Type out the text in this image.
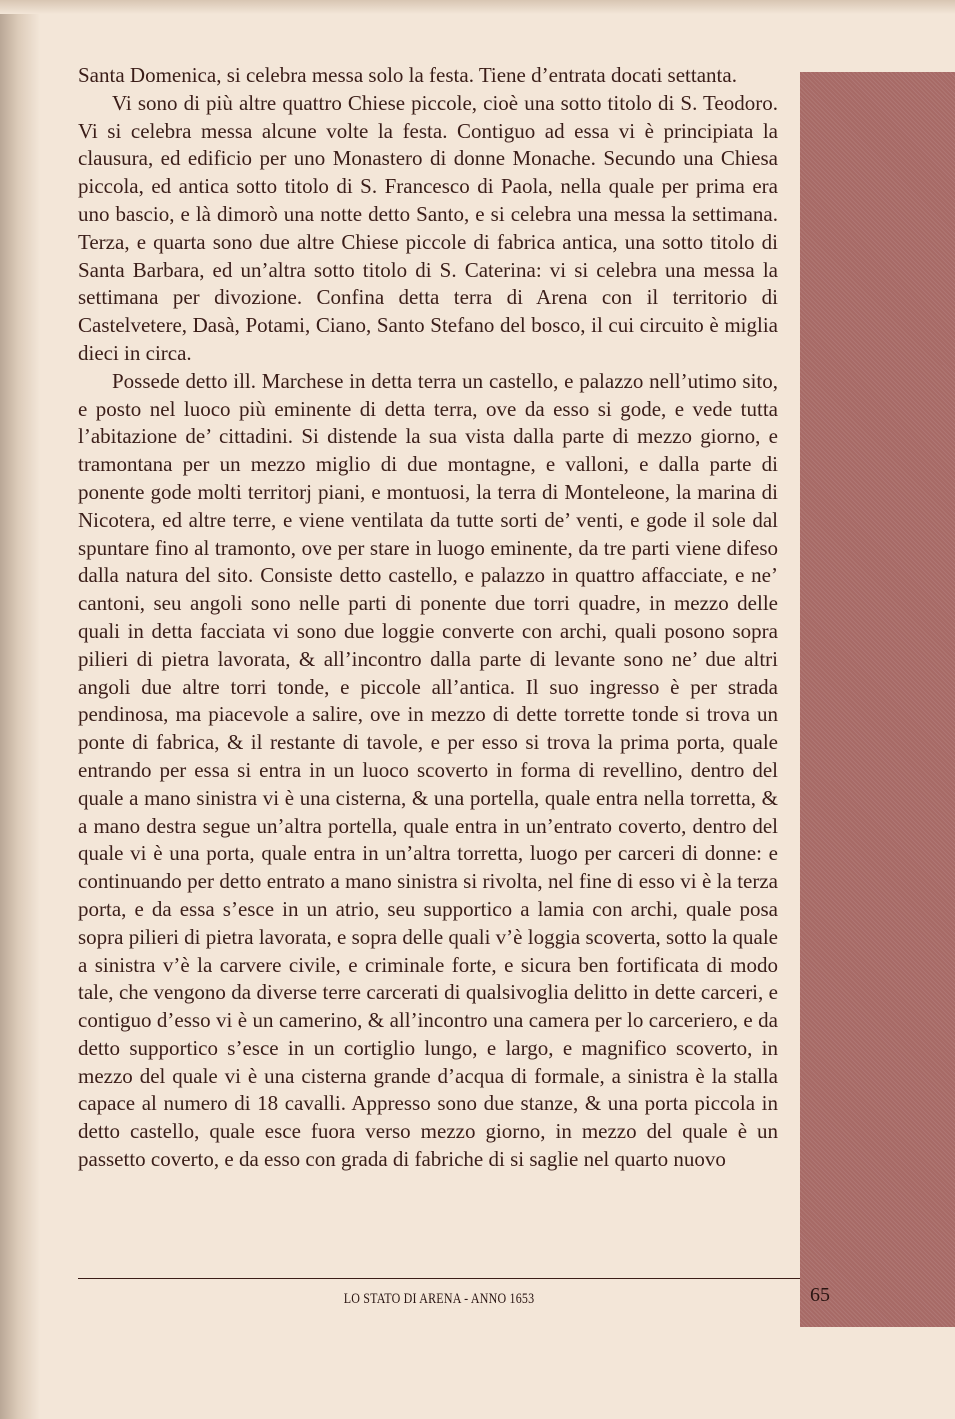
Santa Domenica, si celebra messa solo la festa. Tiene d’entrata docati settanta.

Vi sono di più altre quattro Chiese piccole, cioè una sotto titolo di S. Teodoro. Vi si celebra messa alcune volte la festa. Contiguo ad essa vi è principiata la clausura, ed edificio per uno Monastero di donne Monache. Secundo una Chiesa piccola, ed antica sotto titolo di S. Francesco di Paola, nella quale per prima era uno bascio, e là dimorò una notte detto Santo, e si celebra una messa la settimana. Terza, e quarta sono due altre Chiese piccole di fabrica antica, una sotto titolo di Santa Barbara, ed un’altra sotto titolo di S. Caterina: vi si celebra una messa la settimana per divozione. Confina detta terra di Arena con il territorio di Castelvetere, Dasà, Potami, Ciano, Santo Stefano del bosco, il cui circuito è miglia dieci in circa.

Possede detto ill. Marchese in detta terra un castello, e palazzo nell’utimo sito, e posto nel luoco più eminente di detta terra, ove da esso si gode, e vede tutta l’abitazione de’ cittadini. Si distende la sua vista dalla parte di mezzo giorno, e tramontana per un mezzo miglio di due montagne, e valloni, e dalla parte di ponente gode molti territorj piani, e montuosi, la terra di Monteleone, la marina di Nicotera, ed altre terre, e viene ventilata da tutte sorti de’ venti, e gode il sole dal spuntare fino al tramonto, ove per stare in luogo eminente, da tre parti viene difeso dalla natura del sito. Consiste detto castello, e palazzo in quattro affacciate, e ne’ cantoni, seu angoli sono nelle parti di ponente due torri quadre, in mezzo delle quali in detta facciata vi sono due loggie converte con archi, quali posono sopra pilieri di pietra lavorata, & all’incontro dalla parte di levante sono ne’ due altri angoli due altre torri tonde, e piccole all’antica. Il suo ingresso è per strada pendinosa, ma piacevole a salire, ove in mezzo di dette torrette tonde si trova un ponte di fabrica, & il restante di tavole, e per esso si trova la prima porta, quale entrando per essa si entra in un luoco scoverto in forma di revellino, dentro del quale a mano sinistra vi è una cisterna, & una portella, quale entra nella torretta, & a mano destra segue un’altra portella, quale entra in un’entrato coverto, dentro del quale vi è una porta, quale entra in un’altra torretta, luogo per carceri di donne: e continuando per detto entrato a mano sinistra si rivolta, nel fine di esso vi è la terza porta, e da essa s’esce in un atrio, seu supportico a lamia con archi, quale posa sopra pilieri di pietra lavorata, e sopra delle quali v’è loggia scoverta, sotto la quale a sinistra v’è la carvere civile, e criminale forte, e sicura ben fortificata di modo tale, che vengono da diverse terre carcerati di qualsivoglia delitto in dette carceri, e contiguo d’esso vi è un camerino, & all’incontro una camera per lo carceriero, e da detto supportico s’esce in un cortiglio lungo, e largo, e magnifico scoverto, in mezzo del quale vi è una cisterna grande d’acqua di formale, a sinistra è la stalla capace al numero di 18 cavalli. Appresso sono due stanze, & una porta piccola in detto castello, quale esce fuora verso mezzo giorno, in mezzo del quale è un passetto coverto, e da esso con grada di fabriche di si saglie nel quarto nuovo

LO STATO DI ARENA - ANNO 1653	65
